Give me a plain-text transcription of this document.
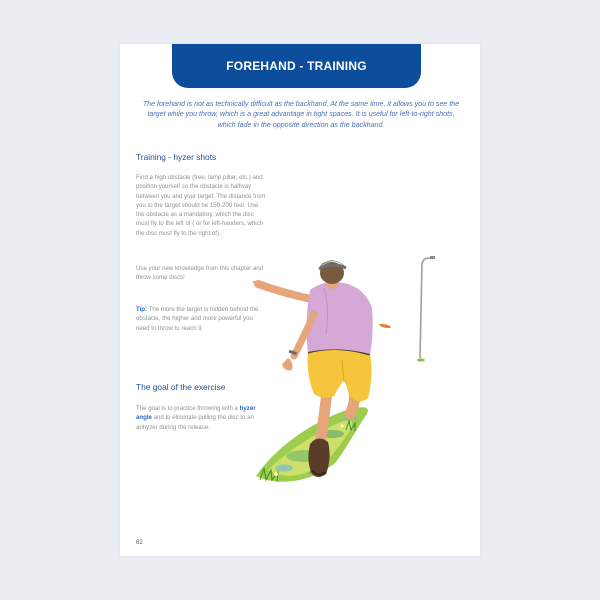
FOREHAND - TRAINING

The forehand is not as technically difficult as the backhand. At the same time, it allows you to see the target while you throw, which is a great advantage in tight spaces. It is useful for left-to-right shots, which fade in the opposite direction as the backhand.

Training - hyzer shots

Find a high obstacle (tree, lamp pillar, etc.) and position yourself so the obstacle is halfway between you and your target. The distance from you to the target should be 150-200 feet. Use the obstacle as a mandatory, which the disc must fly to the left of ( or for left-handers, which the disc must fly to the right of).

Use your new knowledge from this chapter and throw some discs!

Tip: The more the target is hidden behind the obstacle, the higher and more powerful you need to throw to reach it.

The goal of the exercise

The goal is to practice throwing with a hyzer angle and to eliminate pulling the disc to an anhyzer during the release.

62
